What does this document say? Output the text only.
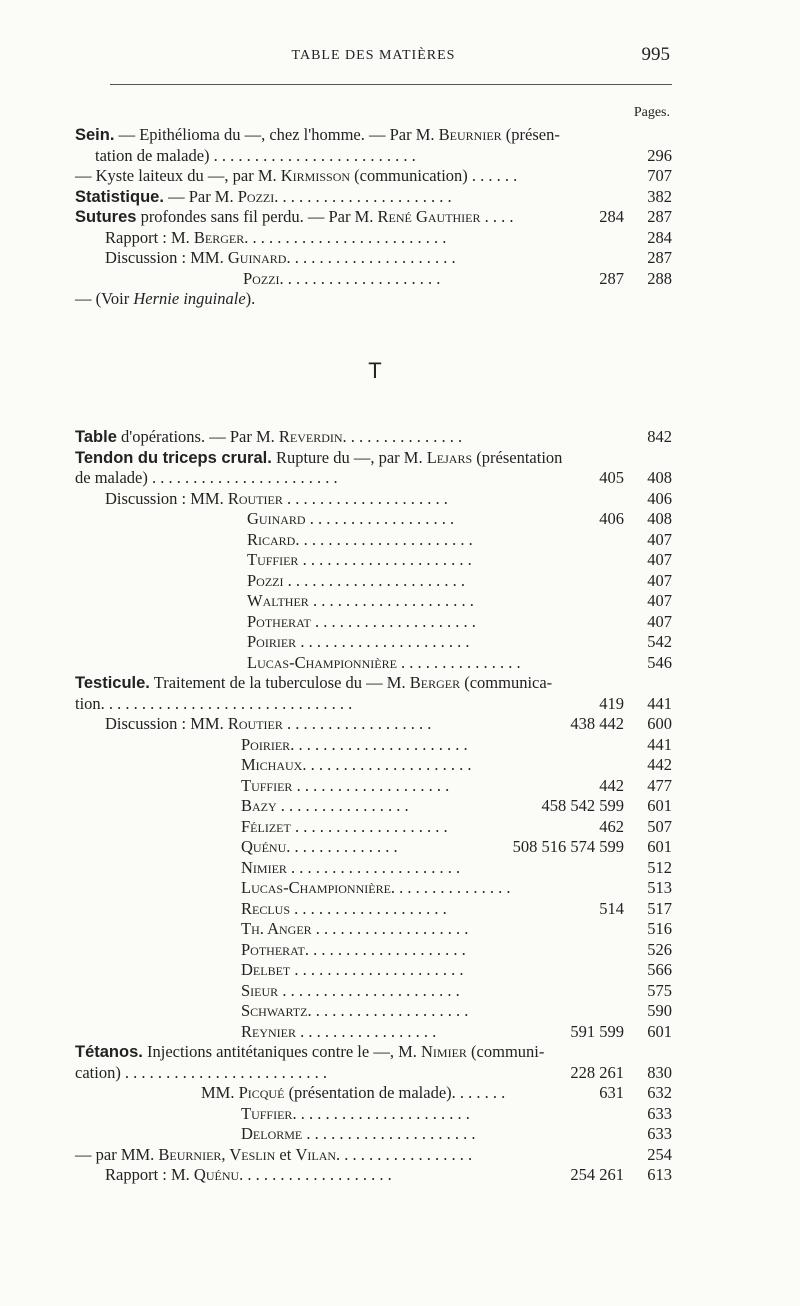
TABLE DES MATIÈRES	995
Pages.
Sein. — Epithélioma du —, chez l'homme. — Par M. Beurnier (présen-
tation de malade) . . . . . . . . . . . . . . . . . . . . . . . . .	296
— Kyste laiteux du —, par M. Kirmisson (communication) . . . . . .	707
Statistique. — Par M. Pozzi. . . . . . . . . . . . . . . . . . . . . .	382
Sutures profondes sans fil perdu. — Par M. René Gauthier . . . .	284	287
Rapport : M. Berger. . . . . . . . . . . . . . . . . . . . . . . . .	284
Discussion : MM. Guinard. . . . . . . . . . . . . . . . . . . . .	287
Pozzi. . . . . . . . . . . . . . . . . . . .	287	288
— (Voir Hernie inguinale).
T
Table d'opérations. — Par M. Reverdin. . . . . . . . . . . . . . .	842
Tendon du triceps crural. Rupture du —, par M. Lejars (présentation
de malade) . . . . . . . . . . . . . . . . . . . . . . .	405	408
Discussion : MM. Routier . . . . . . . . . . . . . . . . . . . .	406
Guinard . . . . . . . . . . . . . . . . . .	406	408
Ricard. . . . . . . . . . . . . . . . . . . . . .	407
Tuffier . . . . . . . . . . . . . . . . . . . . .	407
Pozzi . . . . . . . . . . . . . . . . . . . . . .	407
Walther . . . . . . . . . . . . . . . . . . . .	407
Potherat . . . . . . . . . . . . . . . . . . . .	407
Poirier . . . . . . . . . . . . . . . . . . . . .	542
Lucas-Championnière . . . . . . . . . . . . . . .	546
Testicule. Traitement de la tuberculose du — M. Berger (communica-
tion. . . . . . . . . . . . . . . . . . . . . . . . . . . . . . .	419	441
Discussion : MM. Routier . . . . . . . . . . . . . . . . . .	438 442	600
Poirier. . . . . . . . . . . . . . . . . . . . . .	441
Michaux. . . . . . . . . . . . . . . . . . . . .	442
Tuffier . . . . . . . . . . . . . . . . . . .	442	477
Bazy . . . . . . . . . . . . . . . .	458 542 599	601
Félizet . . . . . . . . . . . . . . . . . . .	462	507
Quénu. . . . . . . . . . . . . .	508 516 574 599	601
Nimier . . . . . . . . . . . . . . . . . . . . .	512
Lucas-Championnière. . . . . . . . . . . . . . .	513
Reclus . . . . . . . . . . . . . . . . . . .	514	517
Th. Anger . . . . . . . . . . . . . . . . . . .	516
Potherat. . . . . . . . . . . . . . . . . . . .	526
Delbet . . . . . . . . . . . . . . . . . . . . .	566
Sieur . . . . . . . . . . . . . . . . . . . . . .	575
Schwartz. . . . . . . . . . . . . . . . . . . .	590
Reynier . . . . . . . . . . . . . . . . .	591 599	601
Tétanos. Injections antitétaniques contre le —, M. Nimier (communi-
cation) . . . . . . . . . . . . . . . . . . . . . . . . .	228 261	830
MM. Picqué (présentation de malade). . . . . . .	631	632
Tuffier. . . . . . . . . . . . . . . . . . . . . .	633
Delorme . . . . . . . . . . . . . . . . . . . . .	633
— par MM. Beurnier, Veslin et Vilan. . . . . . . . . . . . . . . . .	254
Rapport : M. Quénu. . . . . . . . . . . . . . . . . . .	254 261	613
